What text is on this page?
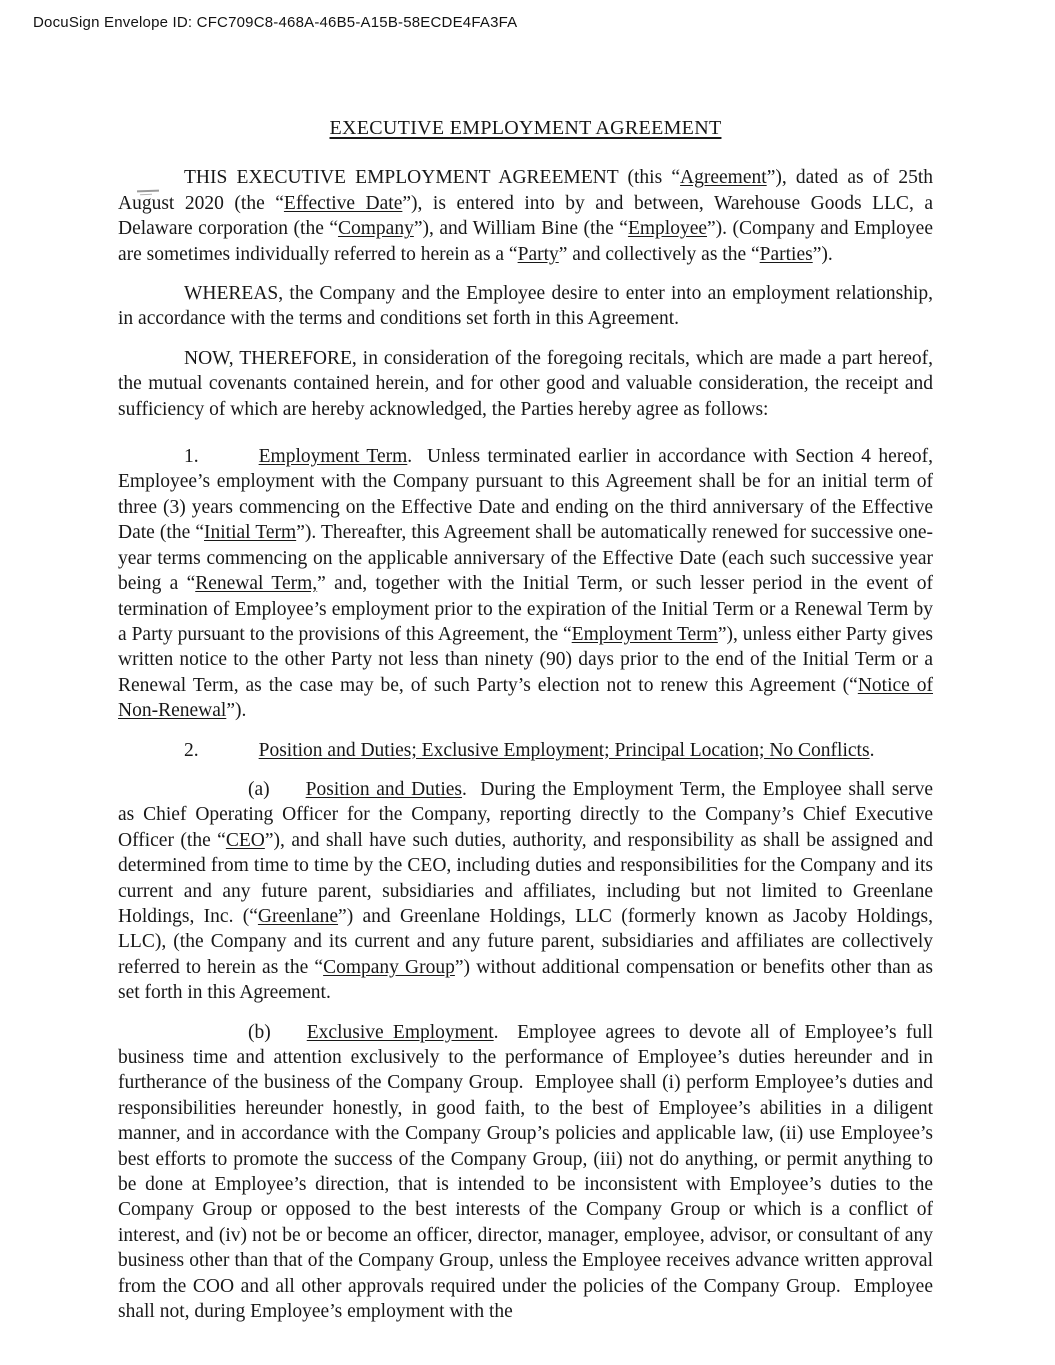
DocuSign Envelope ID: CFC709C8-468A-46B5-A15B-58ECDE4FA3FA
EXECUTIVE EMPLOYMENT AGREEMENT

THIS EXECUTIVE EMPLOYMENT AGREEMENT (this “Agreement”), dated as of 25th August 2020 (the “Effective Date”), is entered into by and between, Warehouse Goods LLC, a Delaware corporation (the “Company”), and William Bine (the “Employee”). (Company and Employee are sometimes individually referred to herein as a “Party” and collectively as the “Parties”).

WHEREAS, the Company and the Employee desire to enter into an employment relationship, in accordance with the terms and conditions set forth in this Agreement.

NOW, THEREFORE, in consideration of the foregoing recitals, which are made a part hereof, the mutual covenants contained herein, and for other good and valuable consideration, the receipt and sufficiency of which are hereby acknowledged, the Parties hereby agree as follows:

1.	Employment Term.  Unless terminated earlier in accordance with Section 4 hereof, Employee’s employment with the Company pursuant to this Agreement shall be for an initial term of three (3) years commencing on the Effective Date and ending on the third anniversary of the Effective Date (the “Initial Term”). Thereafter, this Agreement shall be automatically renewed for successive one-year terms commencing on the applicable anniversary of the Effective Date (each such successive year being a “Renewal Term,” and, together with the Initial Term, or such lesser period in the event of termination of Employee’s employment prior to the expiration of the Initial Term or a Renewal Term by a Party pursuant to the provisions of this Agreement, the “Employment Term”), unless either Party gives written notice to the other Party not less than ninety (90) days prior to the end of the Initial Term or a Renewal Term, as the case may be, of such Party’s election not to renew this Agreement (“Notice of Non-Renewal”).

2.	Position and Duties; Exclusive Employment; Principal Location; No Conflicts.

(a) Position and Duties.  During the Employment Term, the Employee shall serve as Chief Operating Officer for the Company, reporting directly to the Company’s Chief Executive Officer (the “CEO”), and shall have such duties, authority, and responsibility as shall be assigned and determined from time to time by the CEO, including duties and responsibilities for the Company and its current and any future parent, subsidiaries and affiliates, including but not limited to Greenlane Holdings, Inc. (“Greenlane”) and Greenlane Holdings, LLC (formerly known as Jacoby Holdings, LLC), (the Company and its current and any future parent, subsidiaries and affiliates are collectively referred to herein as the “Company Group”) without additional compensation or benefits other than as set forth in this Agreement.

(b) Exclusive Employment.  Employee agrees to devote all of Employee’s full business time and attention exclusively to the performance of Employee’s duties hereunder and in furtherance of the business of the Company Group.  Employee shall (i) perform Employee’s duties and responsibilities hereunder honestly, in good faith, to the best of Employee’s abilities in a diligent manner, and in accordance with the Company Group’s policies and applicable law, (ii) use Employee’s best efforts to promote the success of the Company Group, (iii) not do anything, or permit anything to be done at Employee’s direction, that is intended to be inconsistent with Employee’s duties to the Company Group or opposed to the best interests of the Company Group or which is a conflict of interest, and (iv) not be or become an officer, director, manager, employee, advisor, or consultant of any business other than that of the Company Group, unless the Employee receives advance written approval from the COO and all other approvals required under the policies of the Company Group.  Employee shall not, during Employee’s employment with the
